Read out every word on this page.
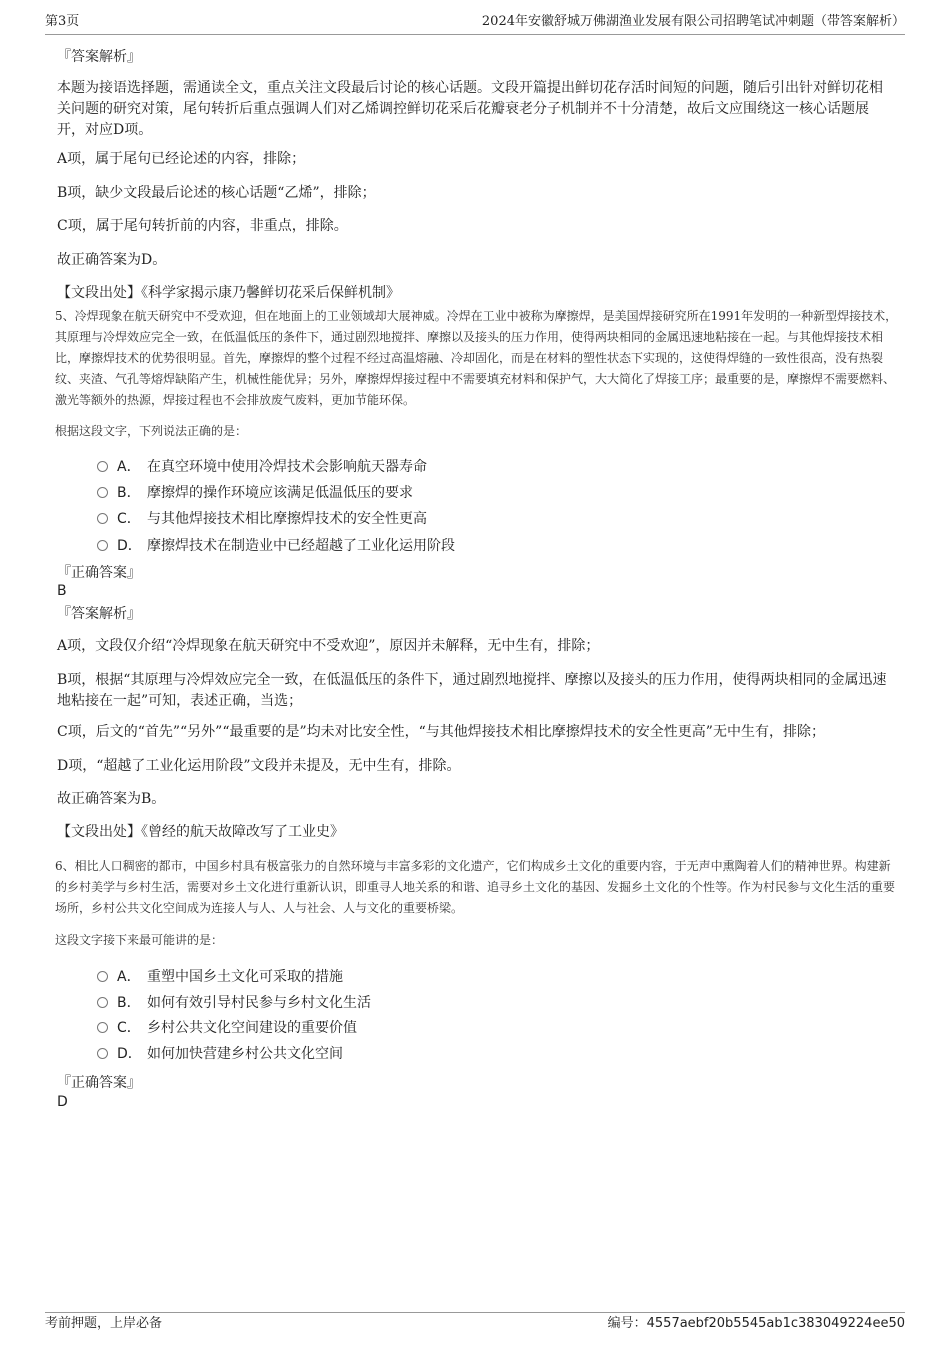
第3页	2024年安徽舒城万佛湖渔业发展有限公司招聘笔试冲刺题（带答案解析）
『答案解析』
本题为接语选择题，需通读全文，重点关注文段最后讨论的核心话题。文段开篇提出鲜切花存活时间短的问题，随后引出针对鲜切花相关问题的研究对策，尾句转折后重点强调人们对乙烯调控鲜切花采后花瓣衰老分子机制并不十分清楚，故后文应围绕这一核心话题展开，对应D项。
A项，属于尾句已经论述的内容，排除；
B项，缺少文段最后论述的核心话题“乙烯”，排除；
C项，属于尾句转折前的内容，非重点，排除。
故正确答案为D。
【文段出处】《科学家揭示康乃馨鲜切花采后保鲜机制》
5、冷焊现象在航天研究中不受欢迎，但在地面上的工业领域却大展神威。冷焊在工业中被称为摩擦焊，是美国焊接研究所在1991年发明的一种新型焊接技术，其原理与冷焊效应完全一致，在低温低压的条件下，通过剧烈地搅拌、摩擦以及接头的压力作用，使得两块相同的金属迅速地粘接在一起。与其他焊接技术相比，摩擦焊技术的优势很明显。首先，摩擦焊的整个过程不经过高温熔融、冷却固化，而是在材料的塑性状态下实现的，这使得焊缝的一致性很高，没有热裂纹、夹渣、气孔等熔焊缺陷产生，机械性能优异；另外，摩擦焊焊接过程中不需要填充材料和保护气，大大简化了焊接工序；最重要的是，摩擦焊不需要燃料、激光等额外的热源，焊接过程也不会排放废气废料，更加节能环保。
根据这段文字，下列说法正确的是：
A． 在真空环境中使用冷焊技术会影响航天器寿命
B． 摩擦焊的操作环境应该满足低温低压的要求
C． 与其他焊接技术相比摩擦焊技术的安全性更高
D． 摩擦焊技术在制造业中已经超越了工业化运用阶段
『正确答案』
B
『答案解析』
A项，文段仅介绍“冷焊现象在航天研究中不受欢迎”，原因并未解释，无中生有，排除；
B项，根据“其原理与冷焊效应完全一致，在低温低压的条件下，通过剧烈地搅拌、摩擦以及接头的压力作用，使得两块相同的金属迅速地粘接在一起”可知，表述正确，当选；
C项，后文的“首先”“另外”“最重要的是”均未对比安全性，“与其他焊接技术相比摩擦焊技术的安全性更高”无中生有，排除；
D项，“超越了工业化运用阶段”文段并未提及，无中生有，排除。
故正确答案为B。
【文段出处】《曾经的航天故障改写了工业史》
6、相比人口稠密的都市，中国乡村具有极富张力的自然环境与丰富多彩的文化遗产，它们构成乡土文化的重要内容，于无声中熏陶着人们的精神世界。构建新的乡村美学与乡村生活，需要对乡土文化进行重新认识，即重寻人地关系的和谐、追寻乡土文化的基因、发掘乡土文化的个性等。作为村民参与文化生活的重要场所，乡村公共文化空间成为连接人与人、人与社会、人与文化的重要桥梁。
这段文字接下来最可能讲的是：
A． 重塑中国乡土文化可采取的措施
B． 如何有效引导村民参与乡村文化生活
C． 乡村公共文化空间建设的重要价值
D． 如何加快营建乡村公共文化空间
『正确答案』
D
考前押题，上岸必备	编号：4557aebf20b5545ab1c383049224ee50
